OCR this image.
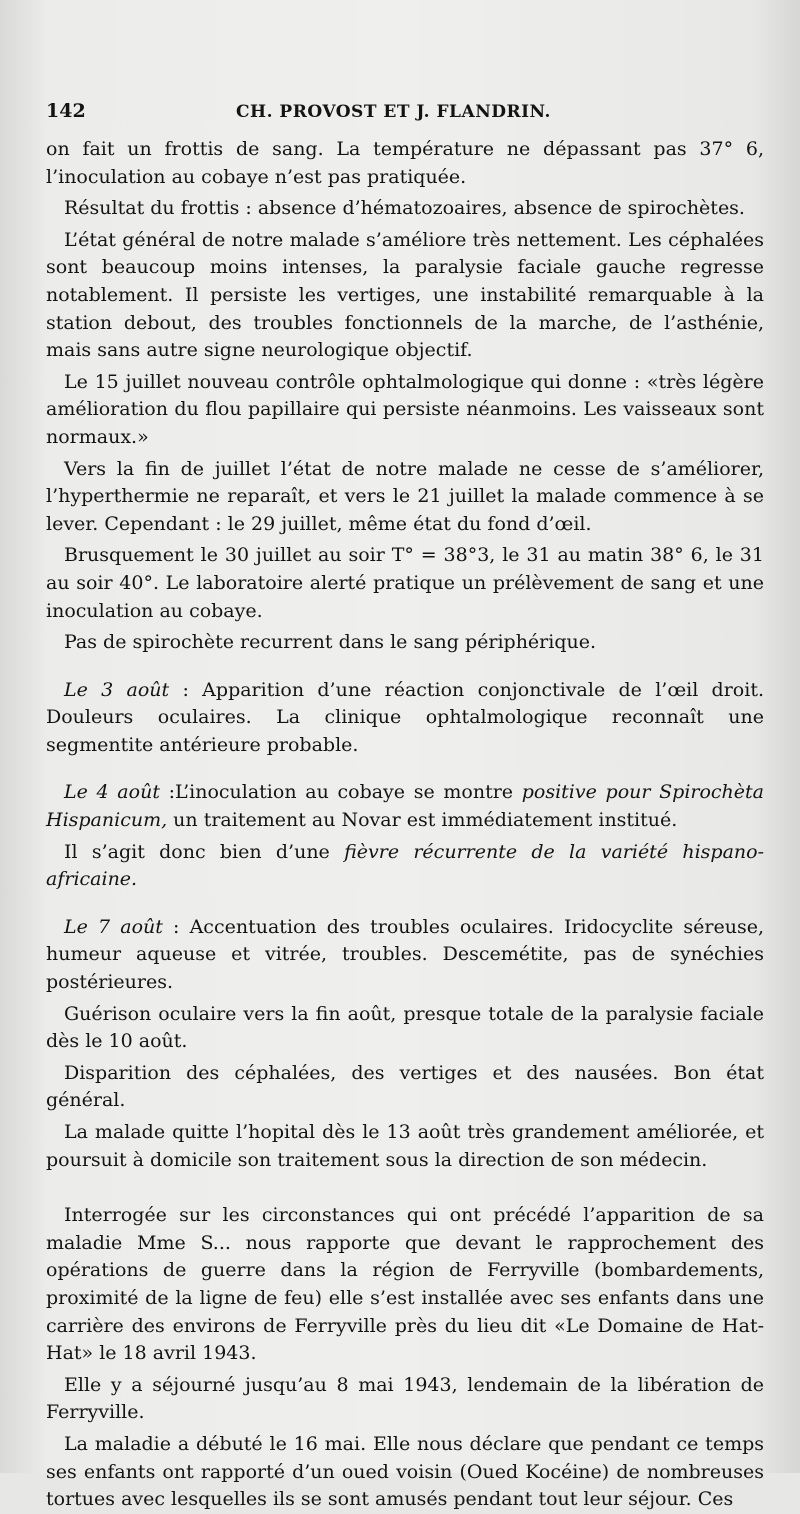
142	CH. PROVOST ET J. FLANDRIN.

on fait un frottis de sang. La température ne dépassant pas 37° 6, l’inoculation au cobaye n’est pas pratiquée.

Résultat du frottis : absence d’hématozoaires, absence de spirochètes.

L’état général de notre malade s’améliore très nettement. Les céphalées sont beaucoup moins intenses, la paralysie faciale gauche regresse notablement. Il persiste les vertiges, une instabilité remarquable à la station debout, des troubles fonctionnels de la marche, de l’asthénie, mais sans autre signe neurologique objectif.

Le 15 juillet nouveau contrôle ophtalmologique qui donne : «très légère amélioration du flou papillaire qui persiste néanmoins. Les vaisseaux sont normaux.»

Vers la fin de juillet l’état de notre malade ne cesse de s’améliorer, l’hyperthermie ne reparaît, et vers le 21 juillet la malade commence à se lever. Cependant : le 29 juillet, même état du fond d’œil.

Brusquement le 30 juillet au soir T° = 38°3, le 31 au matin 38° 6, le 31 au soir 40°. Le laboratoire alerté pratique un prélèvement de sang et une inoculation au cobaye.

Pas de spirochète recurrent dans le sang périphérique.

Le 3 août : Apparition d’une réaction conjonctivale de l’œil droit. Douleurs oculaires. La clinique ophtalmologique reconnaît une segmentite antérieure probable.

Le 4 août :L’inoculation au cobaye se montre positive pour Spirochèta Hispanicum, un traitement au Novar est immédiatement institué.

Il s’agit donc bien d’une fièvre récurrente de la variété hispano-africaine.

Le 7 août : Accentuation des troubles oculaires. Iridocyclite séreuse, humeur aqueuse et vitrée, troubles. Descemétite, pas de synéchies postérieures.

Guérison oculaire vers la fin août, presque totale de la paralysie faciale dès le 10 août.

Disparition des céphalées, des vertiges et des nausées. Bon état général.

La malade quitte l’hopital dès le 13 août très grandement améliorée, et poursuit à domicile son traitement sous la direction de son médecin.

Interrogée sur les circonstances qui ont précédé l’apparition de sa maladie Mme S... nous rapporte que devant le rapprochement des opérations de guerre dans la région de Ferryville (bombardements, proximité de la ligne de feu) elle s’est installée avec ses enfants dans une carrière des environs de Ferryville près du lieu dit «Le Domaine de Hat-Hat» le 18 avril 1943.

Elle y a séjourné jusqu’au 8 mai 1943, lendemain de la libération de Ferryville.

La maladie a débuté le 16 mai. Elle nous déclare que pendant ce temps ses enfants ont rapporté d’un oued voisin (Oued Kocéine) de nombreuses tortues avec lesquelles ils se sont amusés pendant tout leur séjour. Ces
